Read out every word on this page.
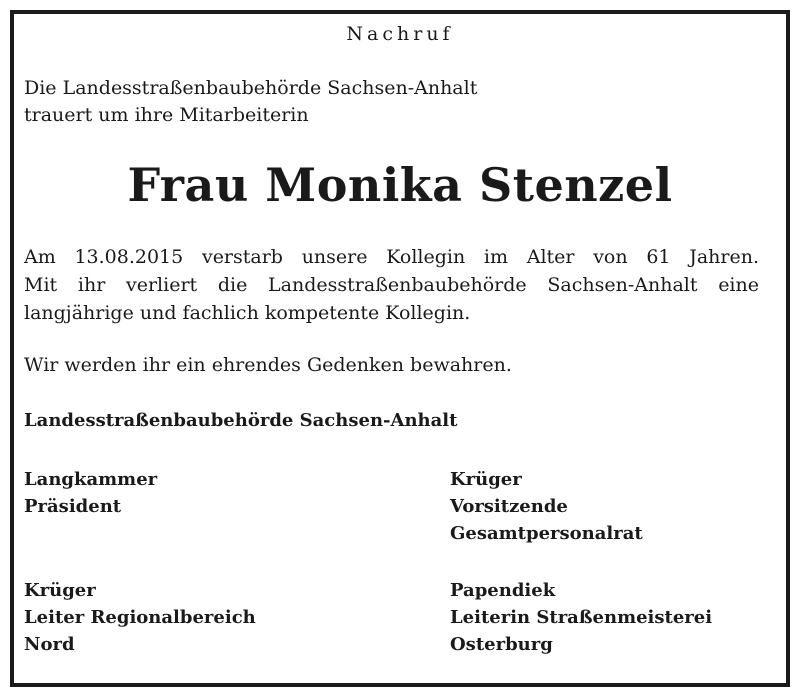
Nachruf
Die Landesstraßenbaubehörde Sachsen-Anhalt
trauert um ihre Mitarbeiterin
Frau Monika Stenzel
Am 13.08.2015 verstarb unsere Kollegin im Alter von 61 Jahren.
Mit ihr verliert die Landesstraßenbaubehörde Sachsen-Anhalt eine
langjährige und fachlich kompetente Kollegin.
Wir werden ihr ein ehrendes Gedenken bewahren.
Landesstraßenbaubehörde Sachsen-Anhalt
Langkammer
Präsident
Krüger
Vorsitzende
Gesamtpersonalrat
Krüger
Leiter Regionalbereich
Nord
Papendiek
Leiterin Straßenmeisterei
Osterburg
